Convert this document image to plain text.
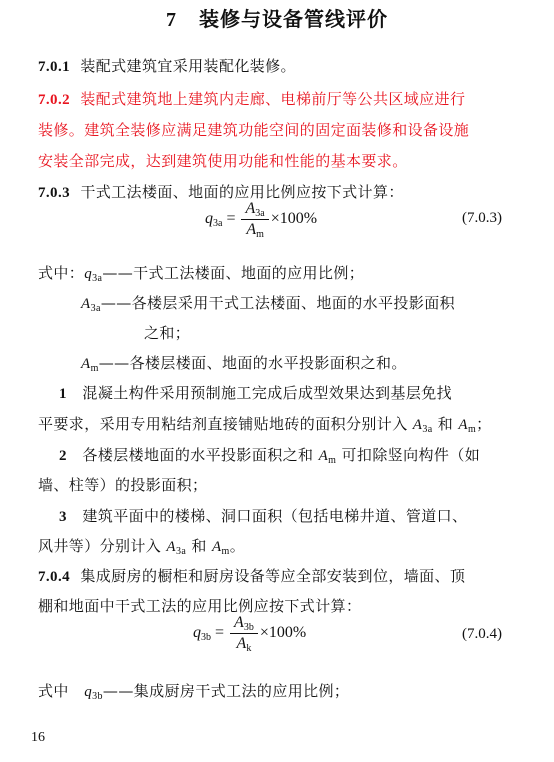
7 装修与设备管线评价
7.0.1 装配式建筑宜采用装配化装修。
7.0.2 装配式建筑地上建筑内走廊、电梯前厅等公共区域应进行
装修。建筑全装修应满足建筑功能空间的固定面装修和设备设施
安装全部完成，达到建筑使用功能和性能的基本要求。
7.0.3 干式工法楼面、地面的应用比例应按下式计算：
$q3a = \frac{A3a}{Am} \times 100\%$	(7.0.3)
式中：$q_{3a}——$干式工法楼面、地面的应用比例；
$A_{3a}——$各楼层采用干式工法楼面、地面的水平投影面积
之和；
$A_m——$各楼层楼面、地面的水平投影面积之和。
1 混凝土构件采用预制施工完成后成型效果达到基层免找
平要求，采用专用粘结剂直接铺贴地砖的面积分别计入 $A_{3a}$ 和 $A_m$；
2 各楼层楼地面的水平投影面积之和 $A_m$ 可扣除竖向构件（如
墙、柱等）的投影面积；
3 建筑平面中的楼梯、洞口面积（包括电梯井道、管道口、
风井等）分别计入 $A_{3a}$ 和 $A_m$。
7.0.4 集成厨房的橱柜和厨房设备等应全部安装到位，墙面、顶
棚和地面中干式工法的应用比例应按下式计算：
$q3b = \frac{A3b}{Ak} \times 100\%$	(7.0.4)
式中　$q_{3b}——$集成厨房干式工法的应用比例；
16
